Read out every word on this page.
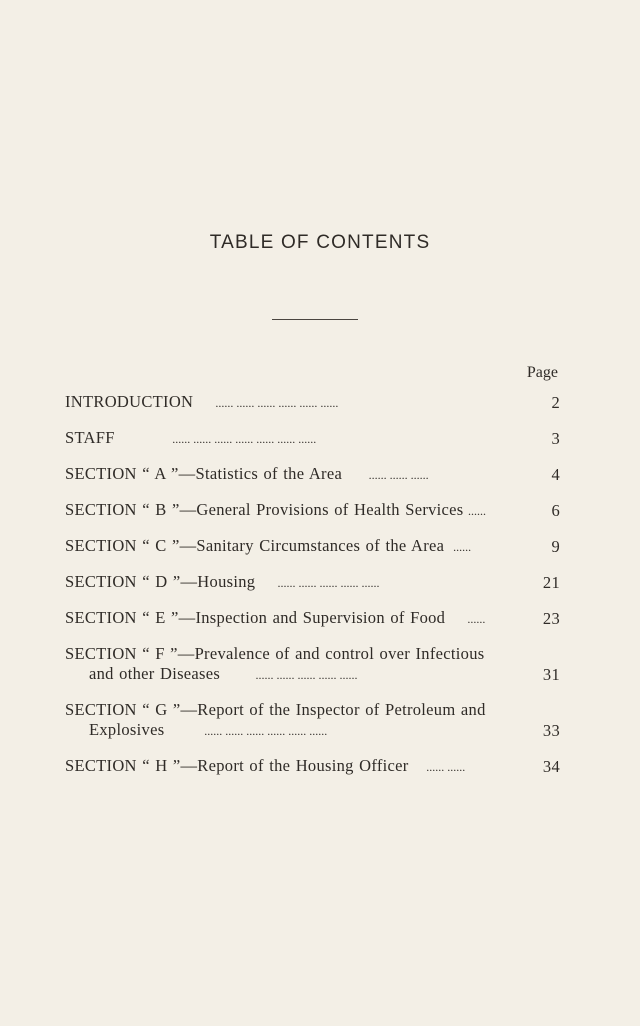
TABLE OF CONTENTS
Page
INTRODUCTION ...... ...... ...... ...... ...... ......	2
STAFF	...... ...... ...... ...... ...... ...... ......	3
SECTION “ A ”—Statistics of the Area ...... ...... ......	4
SECTION “ B ”—General Provisions of Health Services ......	6
SECTION “ C ”—Sanitary Circumstances of the Area ......	9
SECTION “ D ”—Housing ...... ...... ...... ...... ......	21
SECTION “ E ”—Inspection and Supervision of Food ......	23
SECTION “ F ”—Prevalence of and control over Infectious
and other Diseases	...... ...... ...... ...... ......	31
SECTION “ G ”—Report of the Inspector of Petroleum and
Explosives	...... ...... ...... ...... ...... ......	33
SECTION “ H ”—Report of the Housing Officer ...... ......	34
